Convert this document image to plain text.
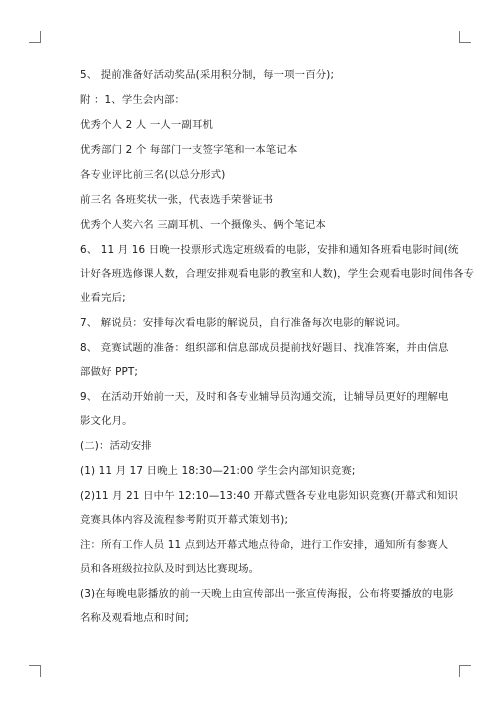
5、 提前准备好活动奖品(采用积分制，每一项一百分);
附 ：1、学生会内部：
优秀个人 2 人 一人一副耳机
优秀部门 2 个 每部门一支签字笔和一本笔记本
各专业评比前三名(以总分形式)
前三名 各班奖状一张，代表选手荣誉证书
优秀个人奖六名 三副耳机、一个摄像头、俩个笔记本
6、 11 月 16 日晚一投票形式选定班级看的电影，安排和通知各班看电影时间(统
计好各班选修课人数，合理安排观看电影的教室和人数)，学生会观看电影时间伟各专
业看完后;
7、 解说员：安排每次看电影的解说员，自行准备每次电影的解说词。
8、 竞赛试题的准备：组织部和信息部成员提前找好题目、找准答案，并由信息
部做好 PPT;
9、 在活动开始前一天，及时和各专业辅导员沟通交流，让辅导员更好的理解电
影文化月。
(二)：活动安排
(1) 11 月 17 日晚上 18:30—21:00 学生会内部知识竞赛;
(2)11 月 21 日中午 12:10—13:40 开幕式暨各专业电影知识竞赛(开幕式和知识
竞赛具体内容及流程参考附页开幕式策划书);
注：所有工作人员 11 点到达开幕式地点待命，进行工作安排，通知所有参赛人
员和各班级拉拉队及时到达比赛现场。
(3)在每晚电影播放的前一天晚上由宣传部出一张宣传海报，公布将要播放的电影
名称及观看地点和时间;
